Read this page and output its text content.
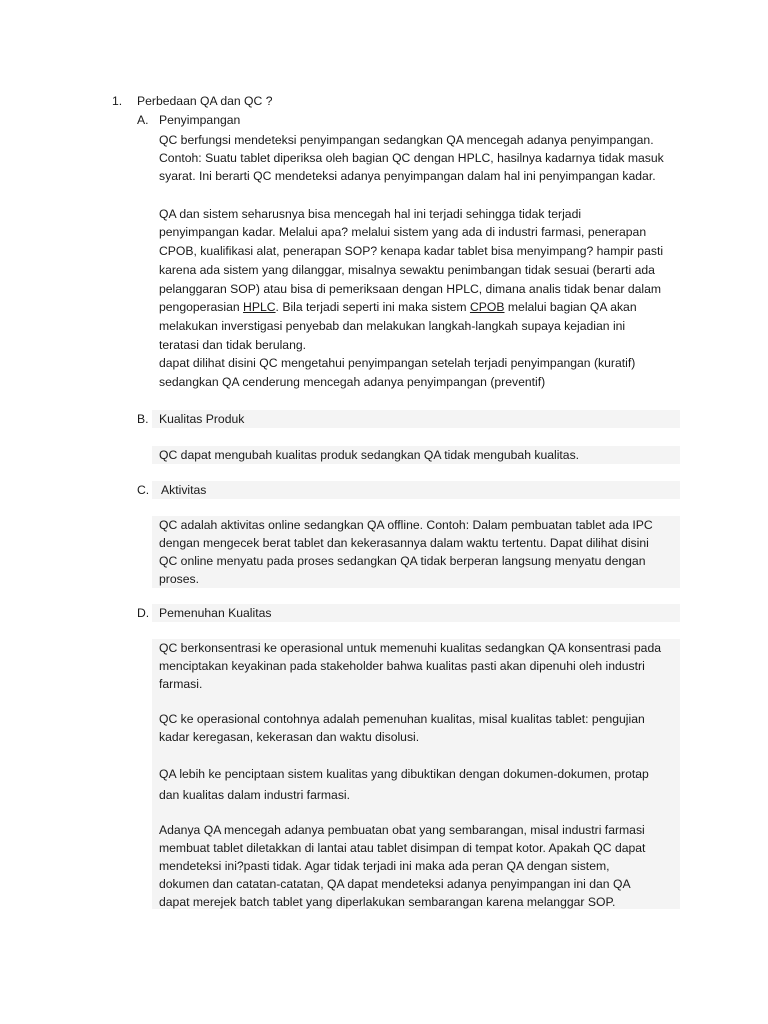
1. Perbedaan QA dan QC ?
A. Penyimpangan
QC berfungsi mendeteksi penyimpangan sedangkan QA mencegah adanya penyimpangan.
Contoh: Suatu tablet diperiksa oleh bagian QC dengan HPLC, hasilnya kadarnya tidak masuk
syarat. Ini berarti QC mendeteksi adanya penyimpangan dalam hal ini penyimpangan kadar.
QA dan sistem seharusnya bisa mencegah hal ini terjadi sehingga tidak terjadi
penyimpangan kadar. Melalui apa? melalui sistem yang ada di industri farmasi, penerapan
CPOB, kualifikasi alat, penerapan SOP? kenapa kadar tablet bisa menyimpang? hampir pasti
karena ada sistem yang dilanggar, misalnya sewaktu penimbangan tidak sesuai (berarti ada
pelanggaran SOP) atau bisa di pemeriksaan dengan HPLC, dimana analis tidak benar dalam
pengoperasian HPLC. Bila terjadi seperti ini maka sistem CPOB melalui bagian QA akan
melakukan inverstigasi penyebab dan melakukan langkah-langkah supaya kejadian ini
teratasi dan tidak berulang.
dapat dilihat disini QC mengetahui penyimpangan setelah terjadi penyimpangan (kuratif)
sedangkan QA cenderung mencegah adanya penyimpangan (preventif)
B. Kualitas Produk
QC dapat mengubah kualitas produk sedangkan QA tidak mengubah kualitas.
C. Aktivitas
QC adalah aktivitas online sedangkan QA offline. Contoh: Dalam pembuatan tablet ada IPC
dengan mengecek berat tablet dan kekerasannya dalam waktu tertentu. Dapat dilihat disini
QC online menyatu pada proses sedangkan QA tidak berperan langsung menyatu dengan
proses.
D. Pemenuhan Kualitas
QC berkonsentrasi ke operasional untuk memenuhi kualitas sedangkan QA konsentrasi pada
menciptakan keyakinan pada stakeholder bahwa kualitas pasti akan dipenuhi oleh industri
farmasi.
QC ke operasional contohnya adalah pemenuhan kualitas, misal kualitas tablet: pengujian
kadar keregasan, kekerasan dan waktu disolusi.
QA lebih ke penciptaan sistem kualitas yang dibuktikan dengan dokumen-dokumen, protap
dan kualitas dalam industri farmasi.
Adanya QA mencegah adanya pembuatan obat yang sembarangan, misal industri farmasi
membuat tablet diletakkan di lantai atau tablet disimpan di tempat kotor. Apakah QC dapat
mendeteksi ini?pasti tidak. Agar tidak terjadi ini maka ada peran QA dengan sistem,
dokumen dan catatan-catatan, QA dapat mendeteksi adanya penyimpangan ini dan QA
dapat merejek batch tablet yang diperlakukan sembarangan karena melanggar SOP.
